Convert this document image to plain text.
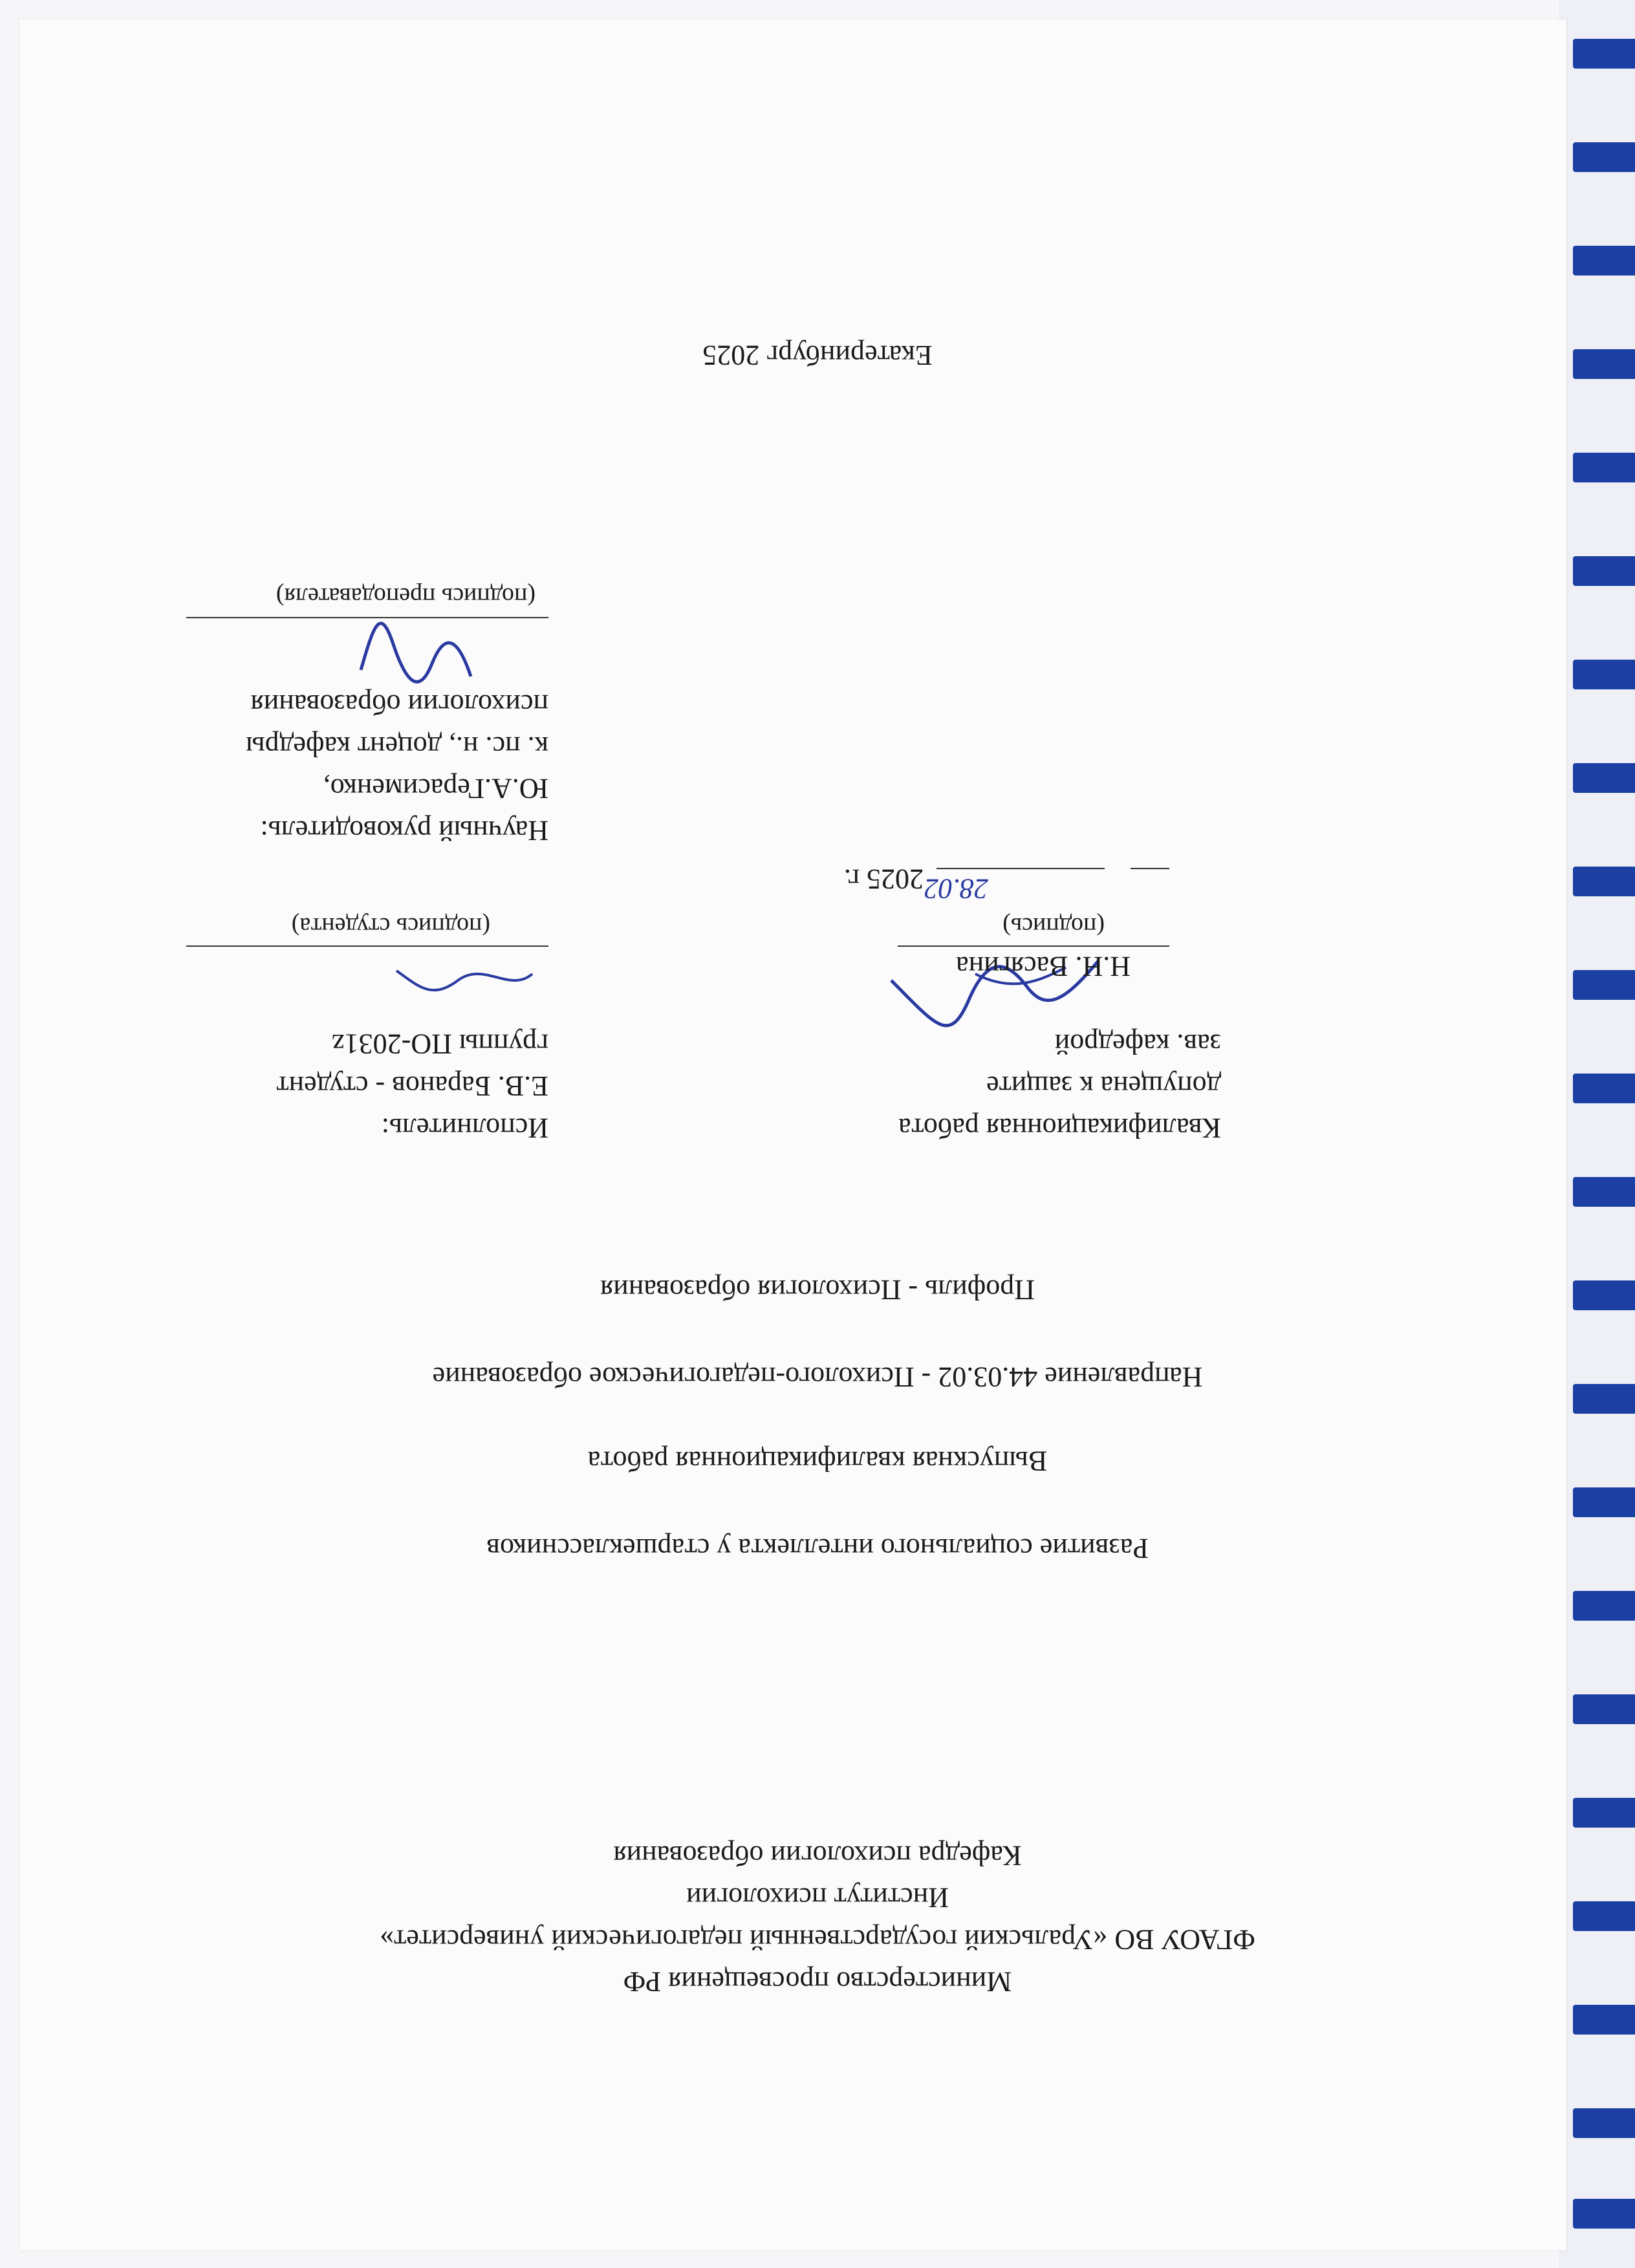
Министерство просвещения РФ
ФГАОУ ВО «Уральский государственный педагогический университет»
Институт психологии
Кафедра психологии образования
Развитие социального интеллекта у старшеклассников
Выпускная квалификационная работа
Направление 44.03.02 - Психолого-педагогическое образование
Профиль - Психология образования
Квалификационная работа
допущена к защите
зав. кафедрой
Н.Н. Васягина
(подпись)
28.02
2025 г.
Исполнитель:
Е.В. Баранов - студент
группы ПО-2031z
(подпись студента)
Научный руководитель:
Ю.А.Герасименко,
к. пс. н., доцент кафедры
психологии образования
(подпись преподавателя)
Екатеринбург 2025
